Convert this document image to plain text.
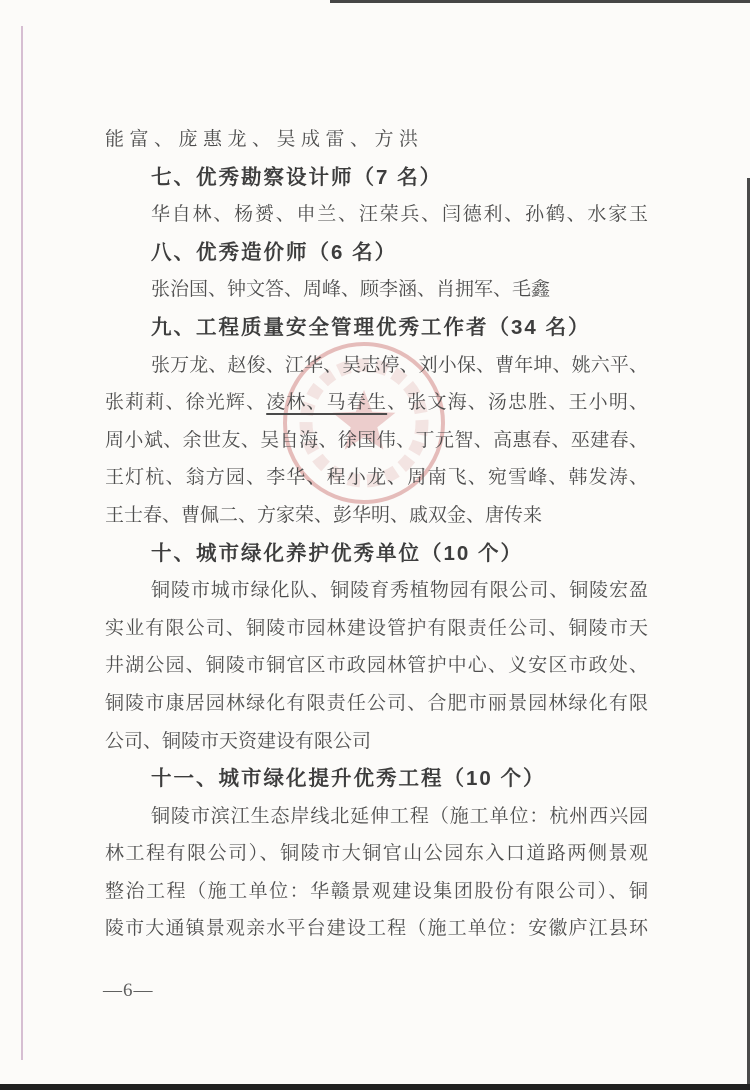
能富、庞惠龙、吴成雷、方洪
七、优秀勘察设计师（7 名）
华自林、杨赟、申兰、汪荣兵、闫德利、孙鹤、水家玉
八、优秀造价师（6 名）
张治国、钟文答、周峰、顾李涵、肖拥军、毛鑫
九、工程质量安全管理优秀工作者（34 名）
张万龙、赵俊、江华、吴志停、刘小保、曹年坤、姚六平、
张莉莉、徐光辉、凌林、马春生、张文海、汤忠胜、王小明、
周小斌、余世友、吴自海、徐国伟、丁元智、高惠春、巫建春、
王灯杭、翁方园、李华、程小龙、周南飞、宛雪峰、韩发涛、
王士春、曹佩二、方家荣、彭华明、戚双金、唐传来
十、城市绿化养护优秀单位（10 个）
铜陵市城市绿化队、铜陵育秀植物园有限公司、铜陵宏盈
实业有限公司、铜陵市园林建设管护有限责任公司、铜陵市天
井湖公园、铜陵市铜官区市政园林管护中心、义安区市政处、
铜陵市康居园林绿化有限责任公司、合肥市丽景园林绿化有限
公司、铜陵市天资建设有限公司
十一、城市绿化提升优秀工程（10 个）
铜陵市滨江生态岸线北延伸工程（施工单位：杭州西兴园
林工程有限公司）、铜陵市大铜官山公园东入口道路两侧景观
整治工程（施工单位：华赣景观建设集团股份有限公司）、铜
陵市大通镇景观亲水平台建设工程（施工单位：安徽庐江县环
—6—
